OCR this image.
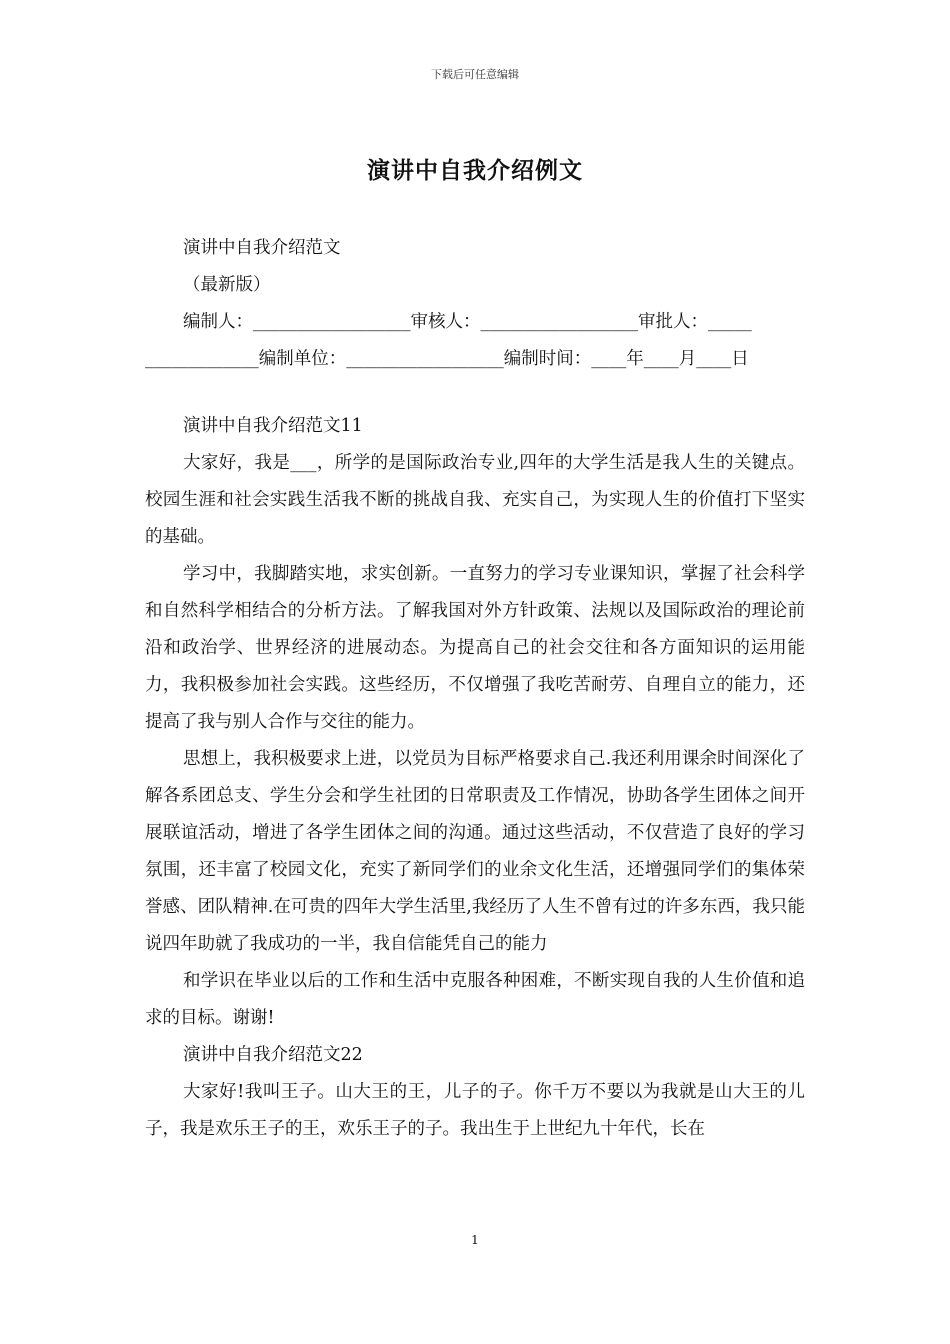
下载后可任意编辑
演讲中自我介绍例文

演讲中自我介绍范文

（最新版）

编制人：__________________审核人：__________________审批人：_____

_____________编制单位：__________________编制时间：____年____月____日

演讲中自我介绍范文11

大家好，我是___，所学的是国际政治专业,四年的大学生活是我人生的关键点。校园生涯和社会实践生活我不断的挑战自我、充实自己，为实现人生的价值打下坚实的基础。

学习中，我脚踏实地，求实创新。一直努力的学习专业课知识，掌握了社会科学和自然科学相结合的分析方法。了解我国对外方针政策、法规以及国际政治的理论前沿和政治学、世界经济的进展动态。为提高自己的社会交往和各方面知识的运用能力，我积极参加社会实践。这些经历，不仅增强了我吃苦耐劳、自理自立的能力，还提高了我与别人合作与交往的能力。

思想上，我积极要求上进，以党员为目标严格要求自己.我还利用课余时间深化了解各系团总支、学生分会和学生社团的日常职责及工作情况，协助各学生团体之间开展联谊活动，增进了各学生团体之间的沟通。通过这些活动，不仅营造了良好的学习氛围，还丰富了校园文化，充实了新同学们的业余文化生活，还增强同学们的集体荣誉感、团队精神.在可贵的四年大学生活里,我经历了人生不曾有过的许多东西，我只能说四年助就了我成功的一半，我自信能凭自己的能力

和学识在毕业以后的工作和生活中克服各种困难，不断实现自我的人生价值和追求的目标。谢谢!

演讲中自我介绍范文22

大家好!我叫王子。山大王的王，儿子的子。你千万不要以为我就是山大王的儿子，我是欢乐王子的王，欢乐王子的子。我出生于上世纪九十年代，长在

1
